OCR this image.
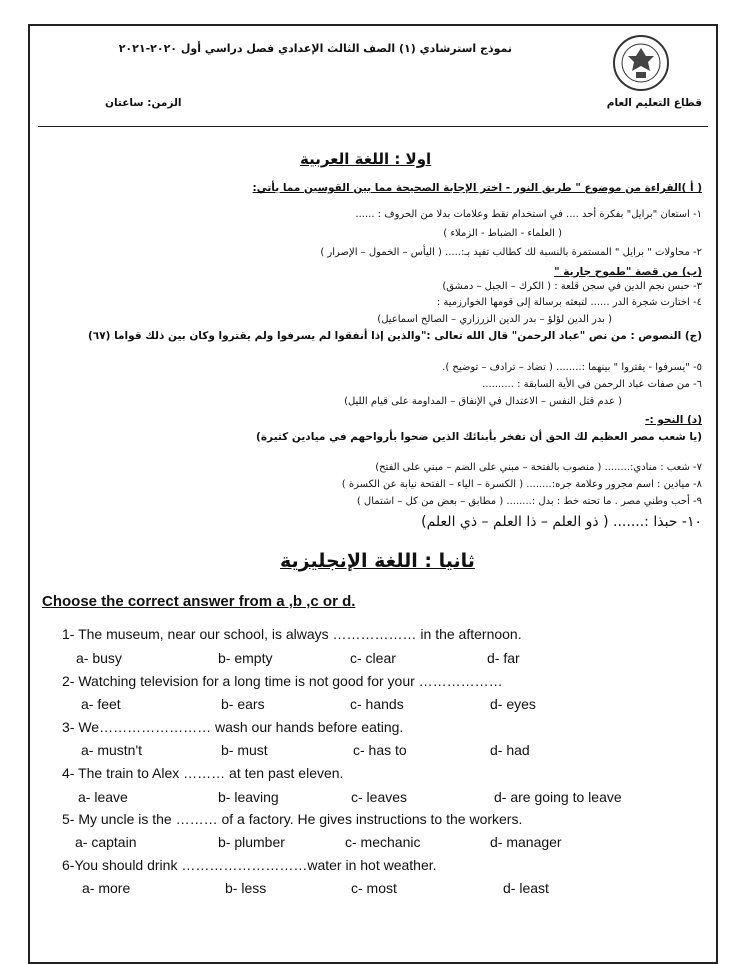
نموذج استرشادي (١) الصف الثالث الإعدادي فصل دراسي أول ٢٠٢٠-٢٠٢١
قطاع التعليم العام
الزمن: ساعتان
اولا : اللغة العربية
( أ )القراءة من موضوع " طريق النور - اختر الإجابة الصحيحة مما بين القوسين مما يأتي:
١- استعان "برايل" بفكرة أحد .... في استخدام نقط وعلامات بدلا من الحروف : ......
( العلماء - الضباط - الزملاء )
٢- محاولات " برايل " المستمرة بالنسبة لك كطالب تفيد بـ:..... ( اليأس – الخمول – الإصرار )
(ب) من قصة "طموح جارية "
٣- حبس نجم الدين في سجن قلعة : ( الكرك – الجبل – دمشق)
٤- اختارت شجرة الدر ...... لتبعثه برسالة إلى قومها الخوارزمية :
( بدر الدين لؤلؤ – بدر الدين الزرزاري – الصالح اسماعيل)
(ج) النصوص : من نص "عباد الرحمن" قال الله تعالى :"والذين إذا أنفقوا لم يسرفوا ولم يقتروا وكان بين ذلك قواما (٦٧)
٥- "يسرفوا - يقتروا " بينهما :........ ( تضاد – ترادف – توضيح ).
٦- من صفات عباد الرحمن فى الأية السابقة : ..........
( عدم قتل النفس – الاعتدال في الإنفاق – المداومة على قيام الليل)
(د) النحو :-
(يا شعب مصر العظيم لك الحق أن تفخر بأبنائك الذين ضحوا بأرواحهم في ميادين كثيرة)
٧- شعب : منادي:........ ( منصوب بالفتحة – مبني على الضم – مبني على الفتح)
٨- ميادين : اسم مجرور وعلامة جره:........ ( الكسرة – الياء – الفتحة نيابة عن الكسرة )
٩- أحب وطني مصر . ما تحته خط : بدل :........ ( مطابق – بعض من كل – اشتمال )
١٠- حبذا :....... ( ذو العلم – ذا العلم – ذي العلم)
ثانيا : اللغة الإنجليزية
Choose the correct answer from a ,b ,c or d.
1- The museum, near our school, is always ……………… in the afternoon.
a- busy	b- empty	c- clear	d- far
2- Watching television for a long time is not good for your ………………
a- feet	b- ears	c- hands	d- eyes
3- We…………………… wash our hands before eating.
a- mustn't	b- must	c- has to	d- had
4- The train to Alex ……… at ten past eleven.
a- leave	b- leaving	c- leaves	d- are going to leave
5- My uncle is the ……… of a factory. He gives instructions to the workers.
a- captain	b- plumber	c- mechanic	d- manager
6-You should drink ………………………water in hot weather.
a- more	b- less	c- most	d- least
